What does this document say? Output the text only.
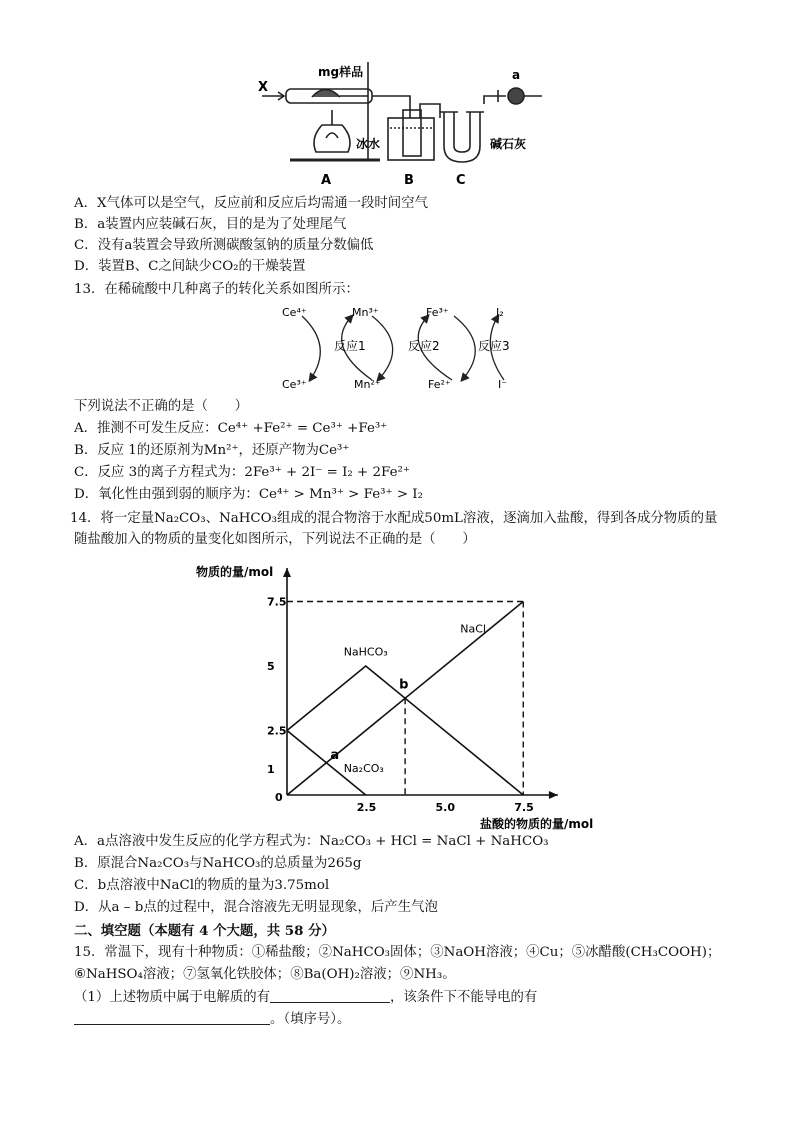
X
mg样品	a
冰水	碱石灰
A	B	C
A．X气体可以是空气，反应前和反应后均需通一段时间空气
B．a装置内应装碱石灰，目的是为了处理尾气
C．没有a装置会导致所测碳酸氢钠的质量分数偏低
D．装置B、C之间缺少CO₂的干燥装置
13．在稀硫酸中几种离子的转化关系如图所示：
Ce⁴⁺	Mn³⁺	Fe³⁺	I₂
Ce³⁺	Mn²⁺	Fe²⁺	I⁻
反应1	反应2	反应3
下列说法不正确的是（　　）
A．推测不可发生反应：Ce⁴⁺ +Fe²⁺ = Ce³⁺ +Fe³⁺
B．反应 1的还原剂为Mn²⁺，还原产物为Ce³⁺
C．反应 3的离子方程式为：2Fe³⁺ + 2I⁻ = I₂ + 2Fe²⁺
D．氧化性由强到弱的顺序为：Ce⁴⁺ > Mn³⁺ > Fe³⁺ > I₂
14．将一定量Na₂CO₃、NaHCO₃组成的混合物溶于水配成50mL溶液，逐滴加入盐酸，得到各成分物质的量
随盐酸加入的物质的量变化如图所示，下列说法不正确的是（　　）
2.5	5.0	7.5
1
2.5
5
7.5
0
物质的量/mol
盐酸的物质的量/mol
NaCl
NaHCO₃
Na₂CO₃
a
b
A．a点溶液中发生反应的化学方程式为：Na₂CO₃ + HCl = NaCl + NaHCO₃
B．原混合Na₂CO₃与NaHCO₃的总质量为265g
C．b点溶液中NaCl的物质的量为3.75mol
D．从a – b点的过程中，混合溶液先无明显现象，后产生气泡
二、填空题（本题有 4 个大题，共 58 分）
15．常温下，现有十种物质：①稀盐酸；②NaHCO₃固体；③NaOH溶液；④Cu；⑤冰醋酸(CH₃COOH)；
⑥NaHSO₄溶液；⑦氢氧化铁胶体；⑧Ba(OH)₂溶液；⑨NH₃。
（1）上述物质中属于电解质的有	，该条件下不能导电的有
。（填序号）。
